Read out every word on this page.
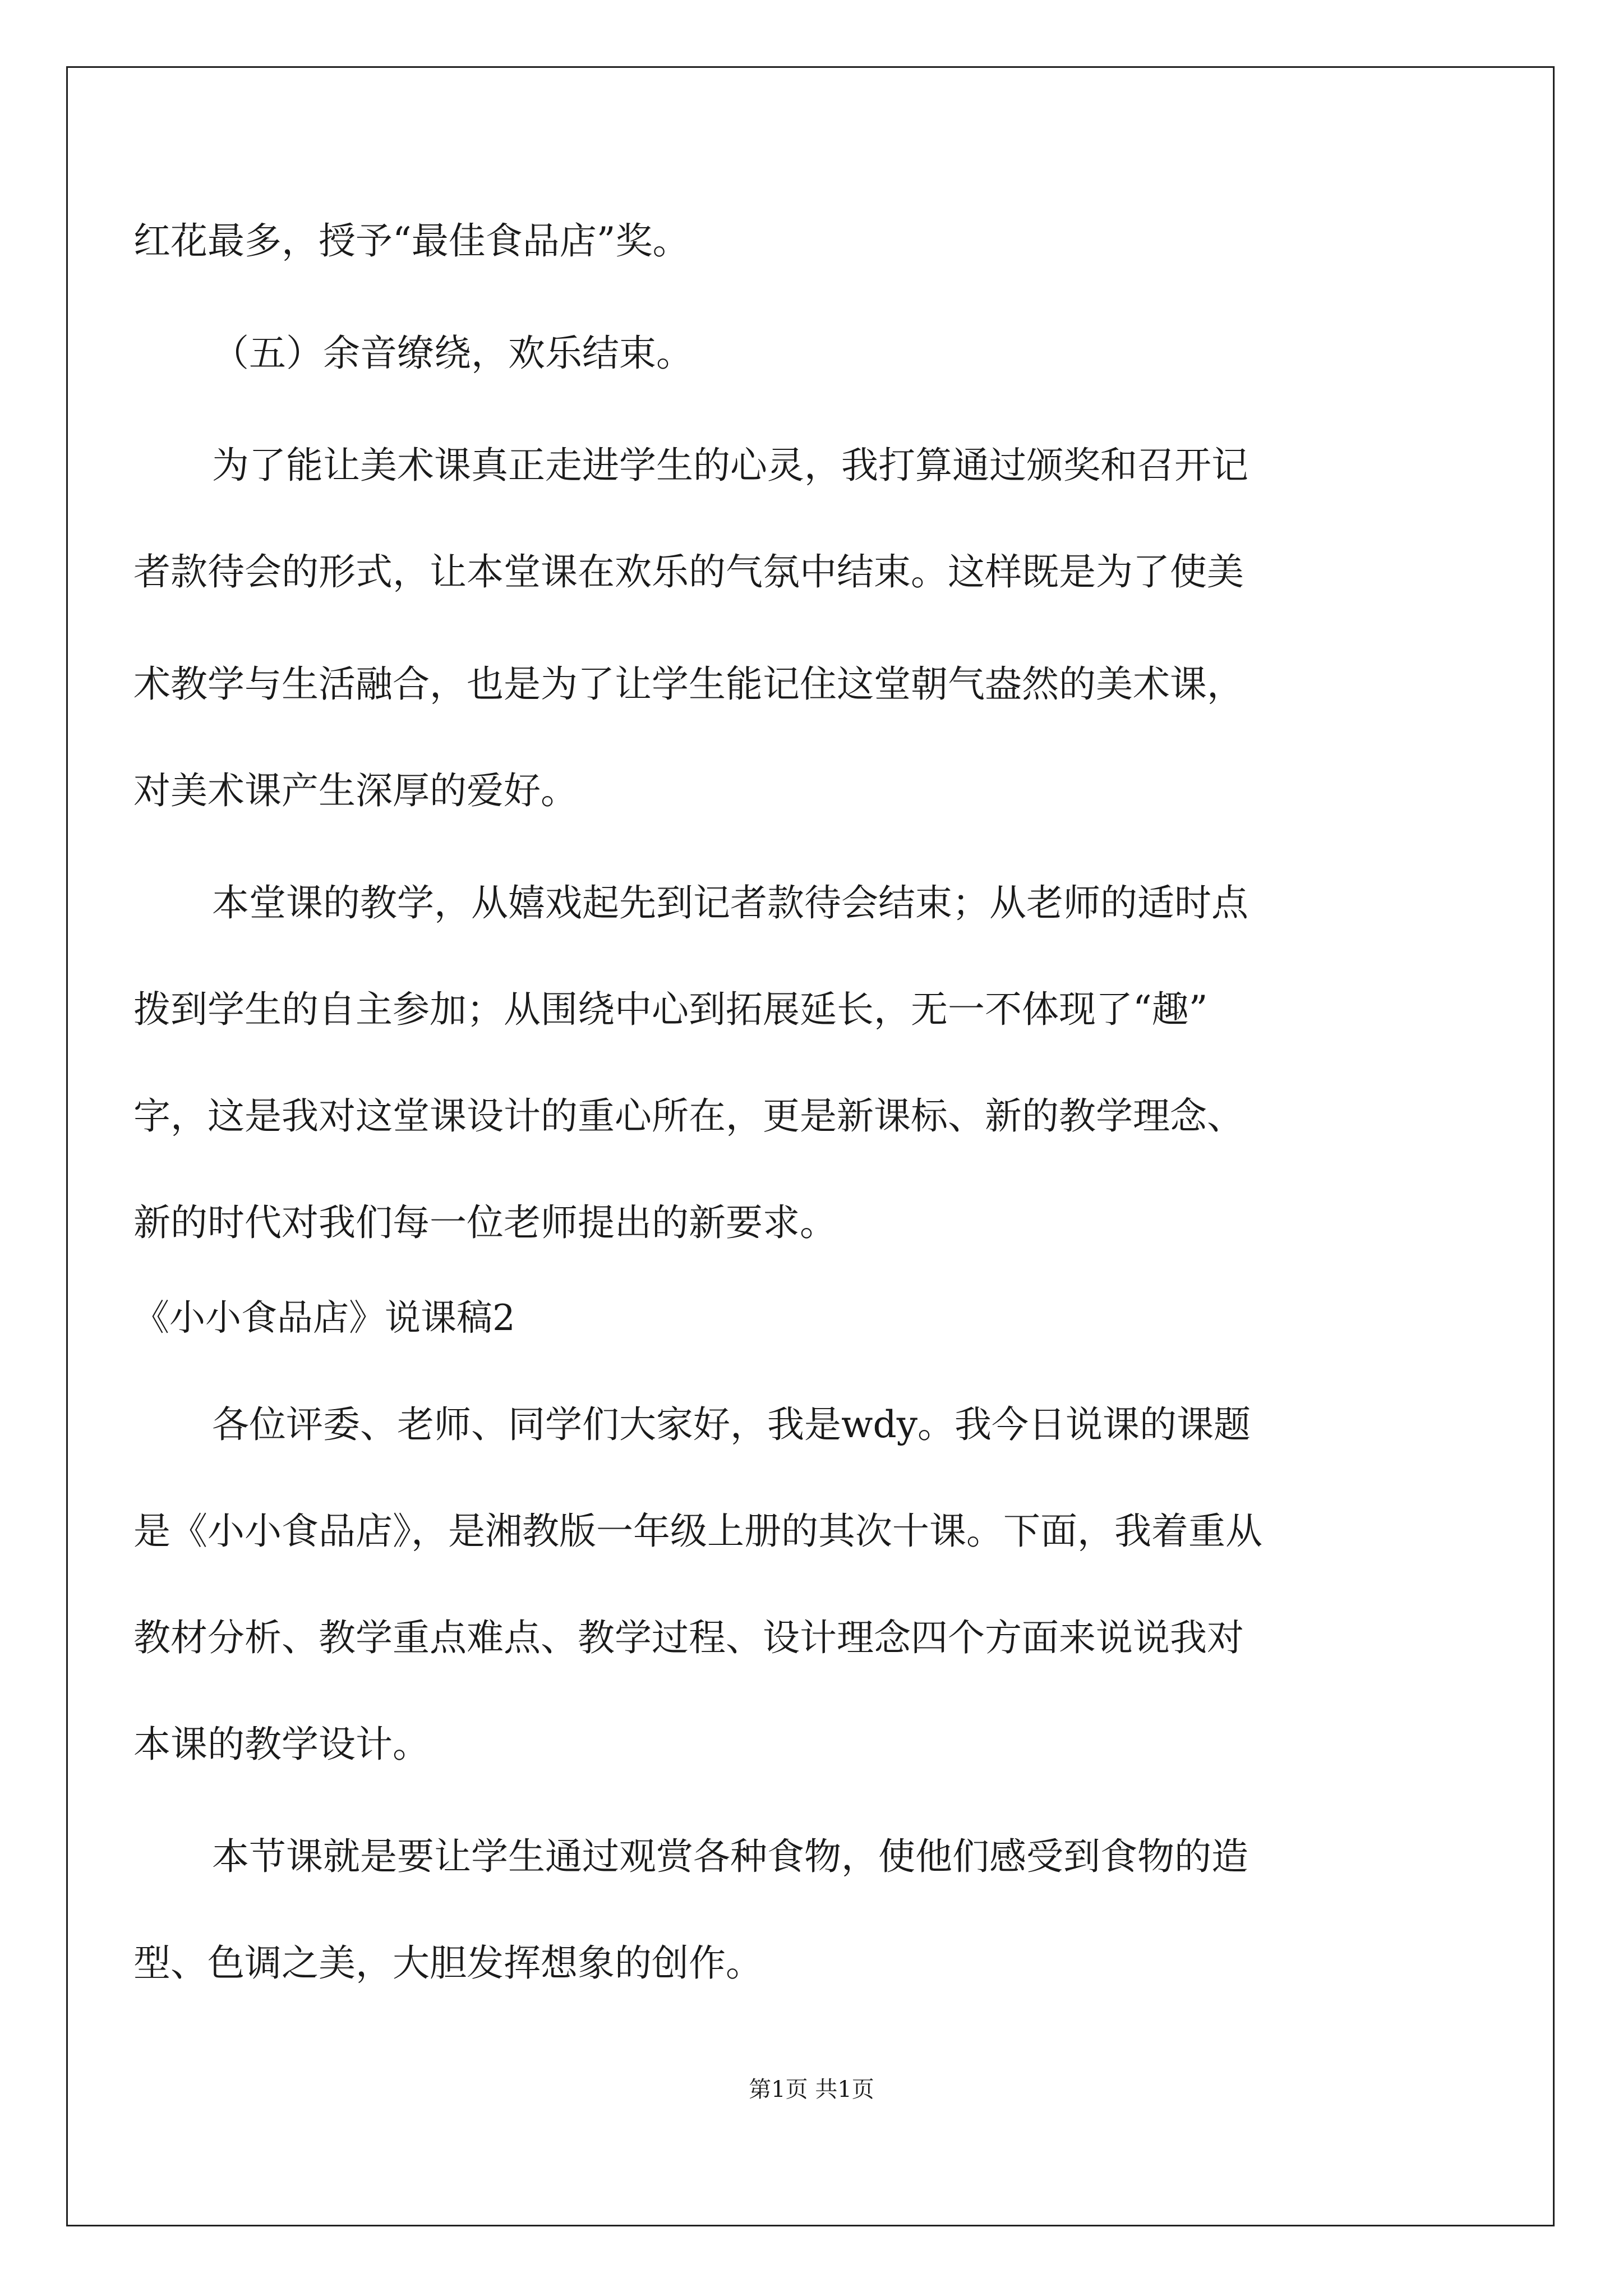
红花最多，授予“最佳食品店”奖。
（五）余音缭绕，欢乐结束。
为了能让美术课真正走进学生的心灵，我打算通过颁奖和召开记
者款待会的形式，让本堂课在欢乐的气氛中结束。这样既是为了使美
术教学与生活融合，也是为了让学生能记住这堂朝气盎然的美术课，
对美术课产生深厚的爱好。
本堂课的教学，从嬉戏起先到记者款待会结束；从老师的适时点
拨到学生的自主参加；从围绕中心到拓展延长，无一不体现了“趣”
字，这是我对这堂课设计的重心所在，更是新课标、新的教学理念、
新的时代对我们每一位老师提出的新要求。
《小小食品店》说课稿2
各位评委、老师、同学们大家好，我是wdy。我今日说课的课题
是《小小食品店》，是湘教版一年级上册的其次十课。下面，我着重从
教材分析、教学重点难点、教学过程、设计理念四个方面来说说我对
本课的教学设计。
本节课就是要让学生通过观赏各种食物，使他们感受到食物的造
型、色调之美，大胆发挥想象的创作。
第1页 共1页
